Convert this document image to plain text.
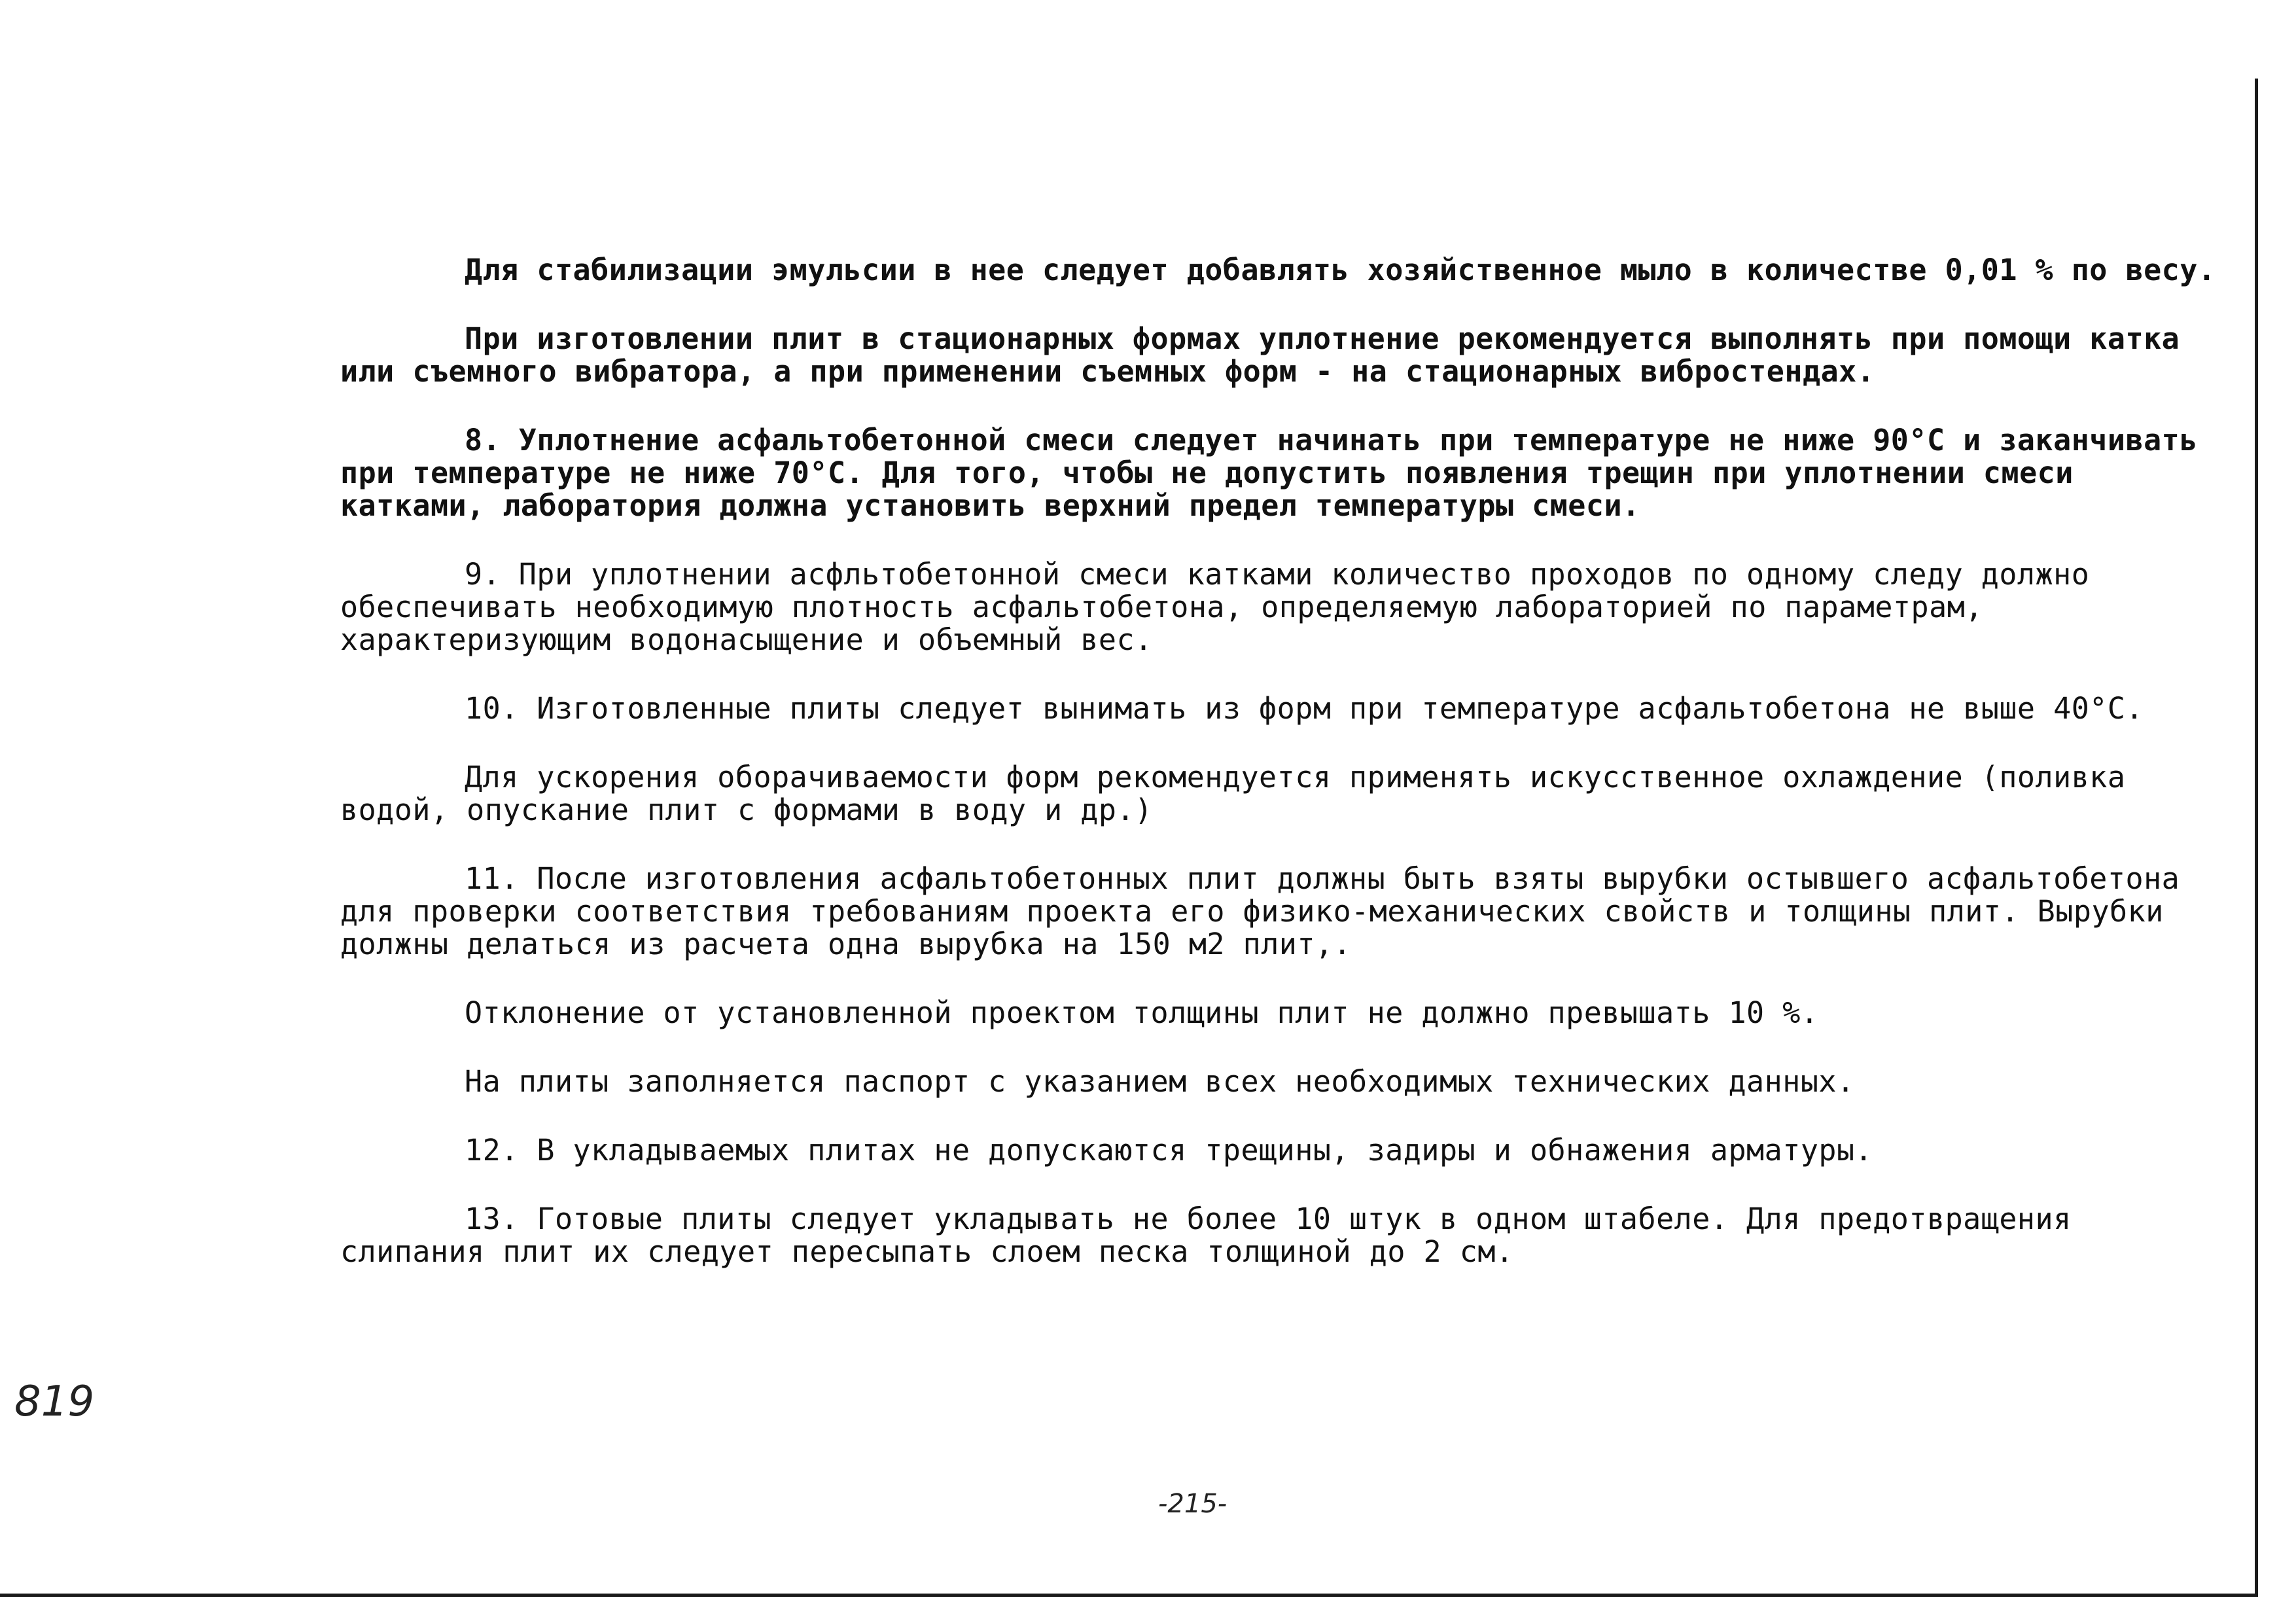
Для стабилизации эмульсии в нее следует добавлять хозяйственное мыло в количестве 0,01 % по весу.

При изготовлении плит в стационарных формах уплотнение рекомендуется выполнять при помощи катка или съемного вибратора, а при применении съемных форм - на стационарных вибростендах.

8. Уплотнение асфальтобетонной смеси следует начинать при температуре не ниже 90°С и заканчивать при температуре не ниже 70°С. Для того, чтобы не допустить появления трещин при уплотнении смеси катками, лаборатория должна установить верхний предел температуры смеси.

9. При уплотнении асфльтобетонной смеси катками количество проходов по одному следу должно обеспечивать необходимую плотность асфальтобетона, определяемую лабораторией по параметрам, характеризующим водонасыщение и объемный вес.

10. Изготовленные плиты следует вынимать из форм при температуре асфальтобетона не выше 40°С.

Для ускорения оборачиваемости форм рекомендуется применять искусственное охлаждение (поливка водой, опускание плит с формами в воду и др.)

11. После изготовления асфальтобетонных плит должны быть взяты вырубки остывшего асфальтобетона для проверки соответствия требованиям проекта его физико-механических свойств и толщины плит. Вырубки должны делаться из расчета одна вырубка на 150 м2 плит,.

Отклонение от установленной проектом толщины плит не должно превышать 10 %.

На плиты заполняется паспорт с указанием всех необходимых технических данных.

12. В укладываемых плитах не допускаются трещины, задиры и обнажения арматуры.

13. Готовые плиты следует укладывать не более 10 штук в одном штабеле. Для предотвращения слипания плит их следует пересыпать слоем песка толщиной до 2 см.

819
-215-
